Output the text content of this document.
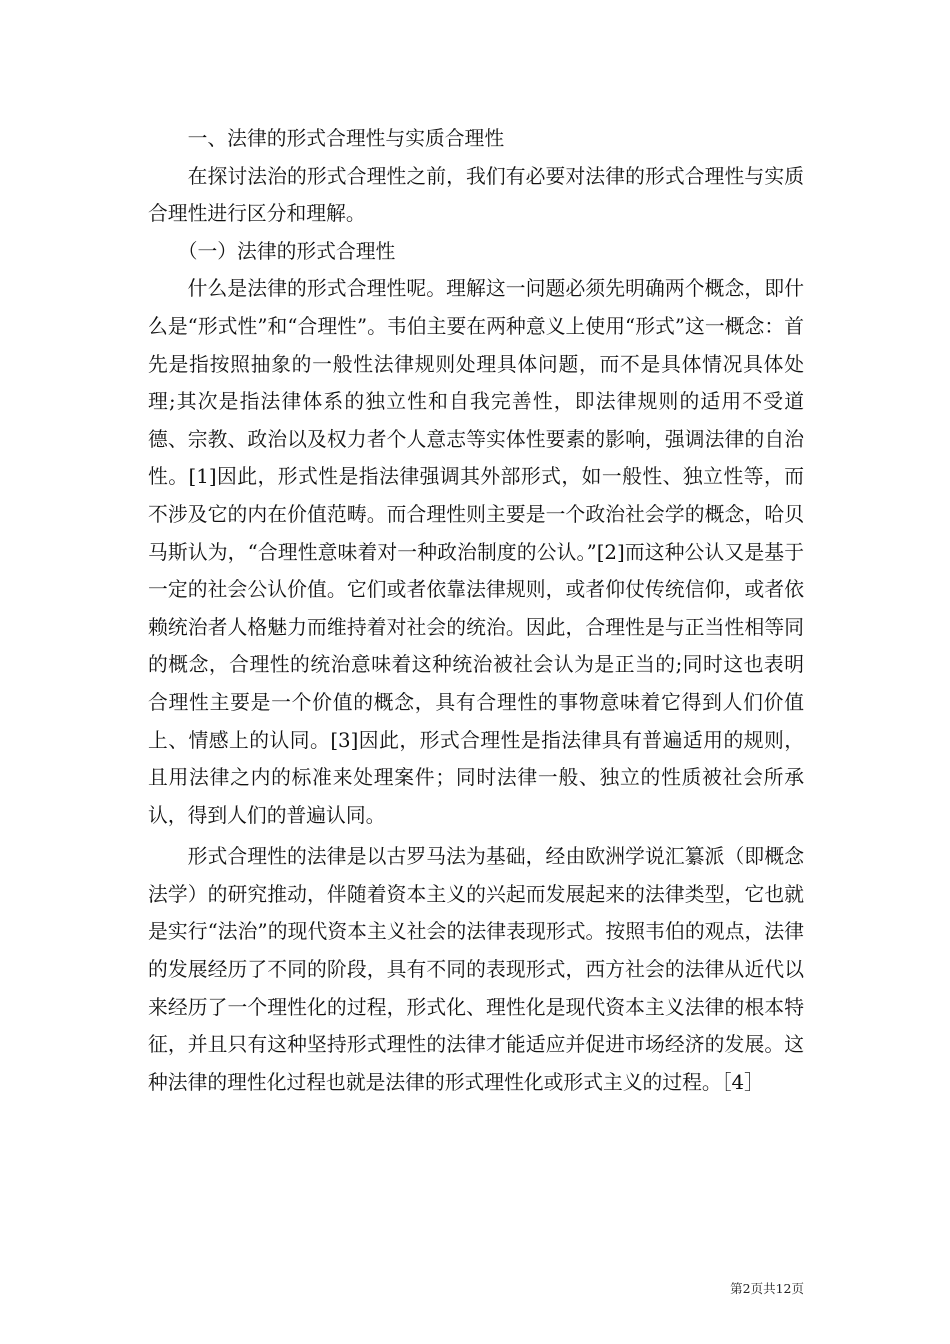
一、法律的形式合理性与实质合理性

在探讨法治的形式合理性之前，我们有必要对法律的形式合理性与实质合理性进行区分和理解。

（一）法律的形式合理性

什么是法律的形式合理性呢。理解这一问题必须先明确两个概念，即什么是“形式性”和“合理性”。韦伯主要在两种意义上使用“形式”这一概念：首先是指按照抽象的一般性法律规则处理具体问题，而不是具体情况具体处理;其次是指法律体系的独立性和自我完善性，即法律规则的适用不受道德、宗教、政治以及权力者个人意志等实体性要素的影响，强调法律的自治性。[1]因此，形式性是指法律强调其外部形式，如一般性、独立性等，而不涉及它的内在价值范畴。而合理性则主要是一个政治社会学的概念，哈贝马斯认为，“合理性意味着对一种政治制度的公认。”[2]而这种公认又是基于一定的社会公认价值。它们或者依靠法律规则，或者仰仗传统信仰，或者依赖统治者人格魅力而维持着对社会的统治。因此，合理性是与正当性相等同的概念，合理性的统治意味着这种统治被社会认为是正当的;同时这也表明合理性主要是一个价值的概念，具有合理性的事物意味着它得到人们价值上、情感上的认同。[3]因此，形式合理性是指法律具有普遍适用的规则，且用法律之内的标准来处理案件；同时法律一般、独立的性质被社会所承认，得到人们的普遍认同。

形式合理性的法律是以古罗马法为基础，经由欧洲学说汇纂派（即概念法学）的研究推动，伴随着资本主义的兴起而发展起来的法律类型，它也就是实行“法治”的现代资本主义社会的法律表现形式。按照韦伯的观点，法律的发展经历了不同的阶段，具有不同的表现形式，西方社会的法律从近代以来经历了一个理性化的过程，形式化、理性化是现代资本主义法律的根本特征，并且只有这种坚持形式理性的法律才能适应并促进市场经济的发展。这种法律的理性化过程也就是法律的形式理性化或形式主义的过程。［4］

第2页共12页
